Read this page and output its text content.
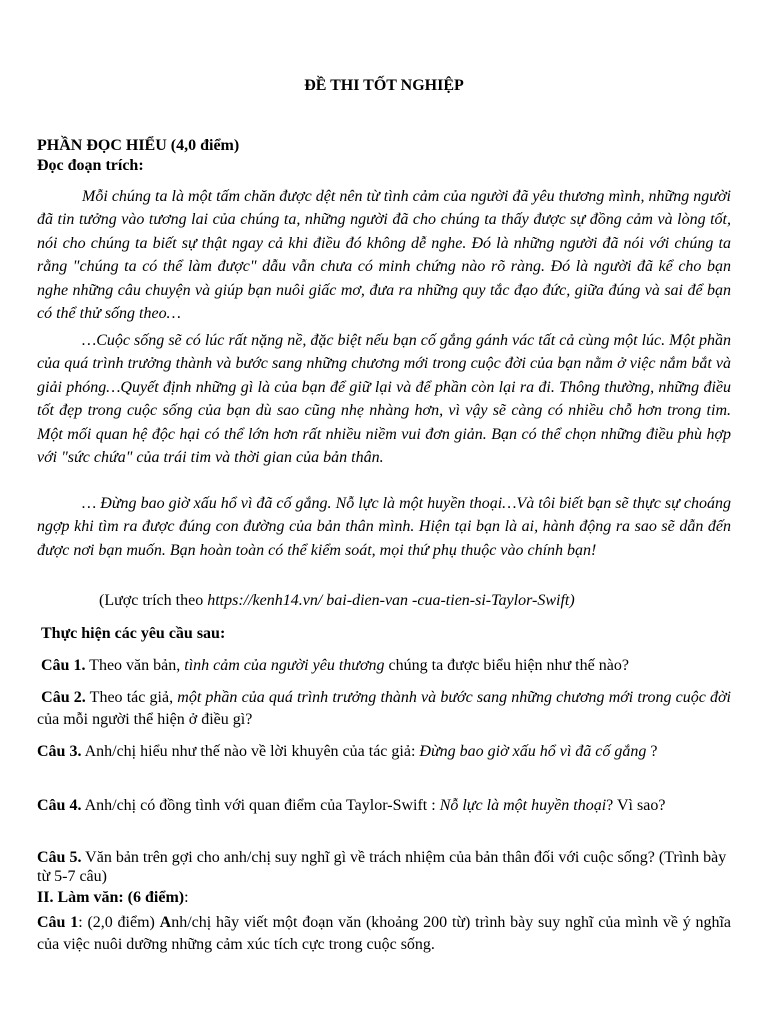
ĐỀ THI TỐT NGHIỆP
PHẦN ĐỌC HIỂU (4,0 điểm)
Đọc đoạn trích:

Mỗi chúng ta là một tấm chăn được dệt nên từ tình cảm của người đã yêu thương mình, những người đã tin tưởng vào tương lai của chúng ta, những người đã cho chúng ta thấy được sự đồng cảm và lòng tốt, nói cho chúng ta biết sự thật ngay cả khi điều đó không dễ nghe. Đó là những người đã nói với chúng ta rằng "chúng ta có thể làm được" dẫu vẫn chưa có minh chứng nào rõ ràng. Đó là người đã kể cho bạn nghe những câu chuyện và giúp bạn nuôi giấc mơ, đưa ra những quy tắc đạo đức, giữa đúng và sai để bạn có thể thử sống theo…

…Cuộc sống sẽ có lúc rất nặng nề, đặc biệt nếu bạn cố gắng gánh vác tất cả cùng một lúc. Một phần của quá trình trưởng thành và bước sang những chương mới trong cuộc đời của bạn nằm ở việc nắm bắt và giải phóng…Quyết định những gì là của bạn để giữ lại và để phần còn lại ra đi. Thông thường, những điều tốt đẹp trong cuộc sống của bạn dù sao cũng nhẹ nhàng hơn, vì vậy sẽ càng có nhiều chỗ hơn trong tim. Một mối quan hệ độc hại có thể lớn hơn rất nhiều niềm vui đơn giản. Bạn có thể chọn những điều phù hợp với "sức chứa" của trái tim và thời gian của bản thân.

… Đừng bao giờ xấu hổ vì đã cố gắng. Nỗ lực là một huyền thoại…Và tôi biết bạn sẽ thực sự choáng ngợp khi tìm ra được đúng con đường của bản thân mình. Hiện tại bạn là ai, hành động ra sao sẽ dẫn đến được nơi bạn muốn. Bạn hoàn toàn có thể kiểm soát, mọi thứ phụ thuộc vào chính bạn!

(Lược trích theo https://kenh14.vn/ bai-dien-van -cua-tien-si-Taylor-Swift)
Thực hiện các yêu cầu sau:

Câu 1. Theo văn bản, tình cảm của người yêu thương chúng ta được biểu hiện như thế nào?

Câu 2. Theo tác giả, một phần của quá trình trưởng thành và bước sang những chương mới trong cuộc đời của mỗi người thể hiện ở điều gì?

Câu 3. Anh/chị hiểu như thế nào về lời khuyên của tác giả: Đừng bao giờ xấu hổ vì đã cố gắng ?

Câu 4. Anh/chị có đồng tình với quan điểm của Taylor-Swift : Nỗ lực là một huyền thoại? Vì sao?

Câu 5. Văn bản trên gợi cho anh/chị suy nghĩ gì về trách nhiệm của bản thân đối với cuộc sống? (Trình bày từ 5-7 câu)

II. Làm văn: (6 điểm):

Câu 1: (2,0 điểm) Anh/chị hãy viết một đoạn văn (khoảng 200 từ) trình bày suy nghĩ của mình về ý nghĩa của việc nuôi dưỡng những cảm xúc tích cực trong cuộc sống.
